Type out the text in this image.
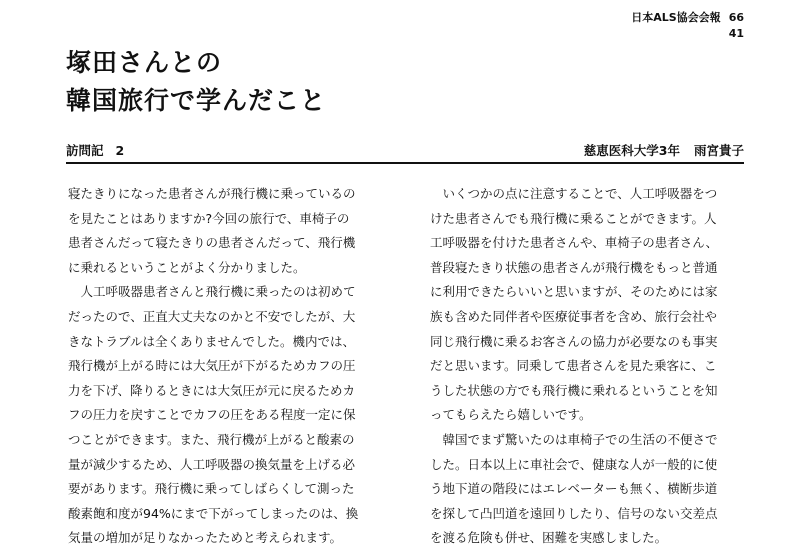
日本ALS協会会報 66
41
塚田さんとの
韓国旅行で学んだこと
訪問記 2	慈恵医科大学3年 雨宮貴子
寝たきりになった患者さんが飛行機に乗っているの
を見たことはありますか?今回の旅行で、車椅子の
患者さんだって寝たきりの患者さんだって、飛行機
に乗れるということがよく分かりました。
　人工呼吸器患者さんと飛行機に乗ったのは初めて
だったので、正直大丈夫なのかと不安でしたが、大
きなトラブルは全くありませんでした。機内では、
飛行機が上がる時には大気圧が下がるためカフの圧
力を下げ、降りるときには大気圧が元に戻るためカ
フの圧力を戻すことでカフの圧をある程度一定に保
つことができます。また、飛行機が上がると酸素の
量が減少するため、人工呼吸器の換気量を上げる必
要があります。飛行機に乗ってしばらくして測った
酸素飽和度が94%にまで下がってしまったのは、換
気量の増加が足りなかったためと考えられます。
　いくつかの点に注意することで、人工呼吸器をつ
けた患者さんでも飛行機に乗ることができます。人
工呼吸器を付けた患者さんや、車椅子の患者さん、
普段寝たきり状態の患者さんが飛行機をもっと普通
に利用できたらいいと思いますが、そのためには家
族も含めた同伴者や医療従事者を含め、旅行会社や
同じ飛行機に乗るお客さんの協力が必要なのも事実
だと思います。同乗して患者さんを見た乗客に、こ
うした状態の方でも飛行機に乗れるということを知
ってもらえたら嬉しいです。
　韓国でまず驚いたのは車椅子での生活の不便さで
した。日本以上に車社会で、健康な人が一般的に使
う地下道の階段にはエレベーターも無く、横断歩道
を探して凸凹道を遠回りしたり、信号のない交差点
を渡る危険も併せ、困難を実感しました。
